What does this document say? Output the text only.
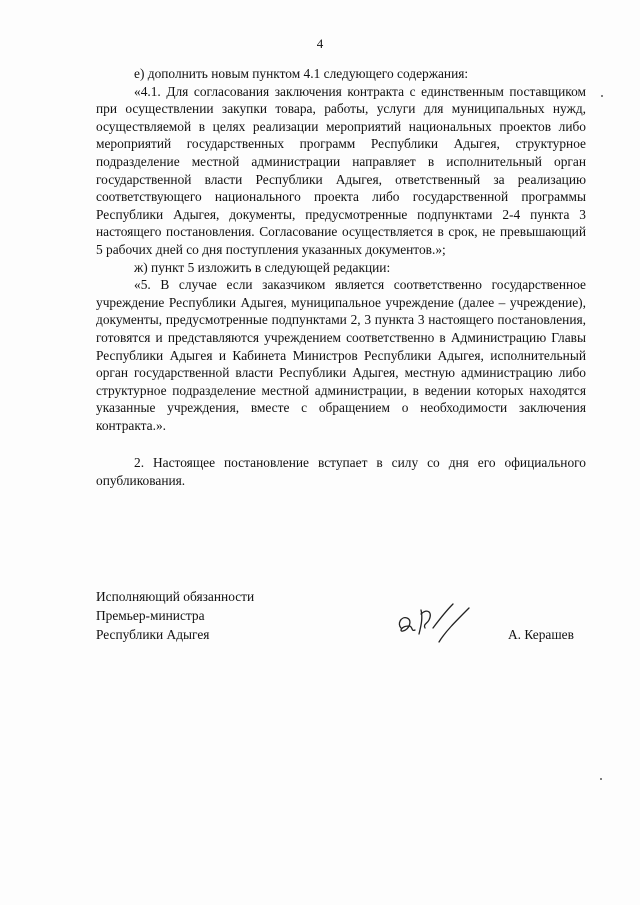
4

е) дополнить новым пунктом 4.1 следующего содержания:

«4.1. Для согласования заключения контракта с единственным поставщиком при осуществлении закупки товара, работы, услуги для муниципальных нужд, осуществляемой в целях реализации мероприятий национальных проектов либо мероприятий государственных программ Республики Адыгея, структурное подразделение местной администрации направляет в исполнительный орган государственной власти Республики Адыгея, ответственный за реализацию соответствующего национального проекта либо государственной программы Республики Адыгея, документы, предусмотренные подпунктами 2-4 пункта 3 настоящего постановления. Согласование осуществляется в срок, не превышающий 5 рабочих дней со дня поступления указанных документов.»;

ж) пункт 5 изложить в следующей редакции:

«5. В случае если заказчиком является соответственно государственное учреждение Республики Адыгея, муниципальное учреждение (далее – учреждение), документы, предусмотренные подпунктами 2, 3 пункта 3 настоящего постановления, готовятся и представляются учреждением соответственно в Администрацию Главы Республики Адыгея и Кабинета Министров Республики Адыгея, исполнительный орган государственной власти Республики Адыгея, местную администрацию либо структурное подразделение местной администрации, в ведении которых находятся указанные учреждения, вместе с обращением о необходимости заключения контракта.».

2. Настоящее постановление вступает в силу со дня его официального опубликования.

Исполняющий обязанности
Премьер-министра
Республики Адыгея	А. Керашев
